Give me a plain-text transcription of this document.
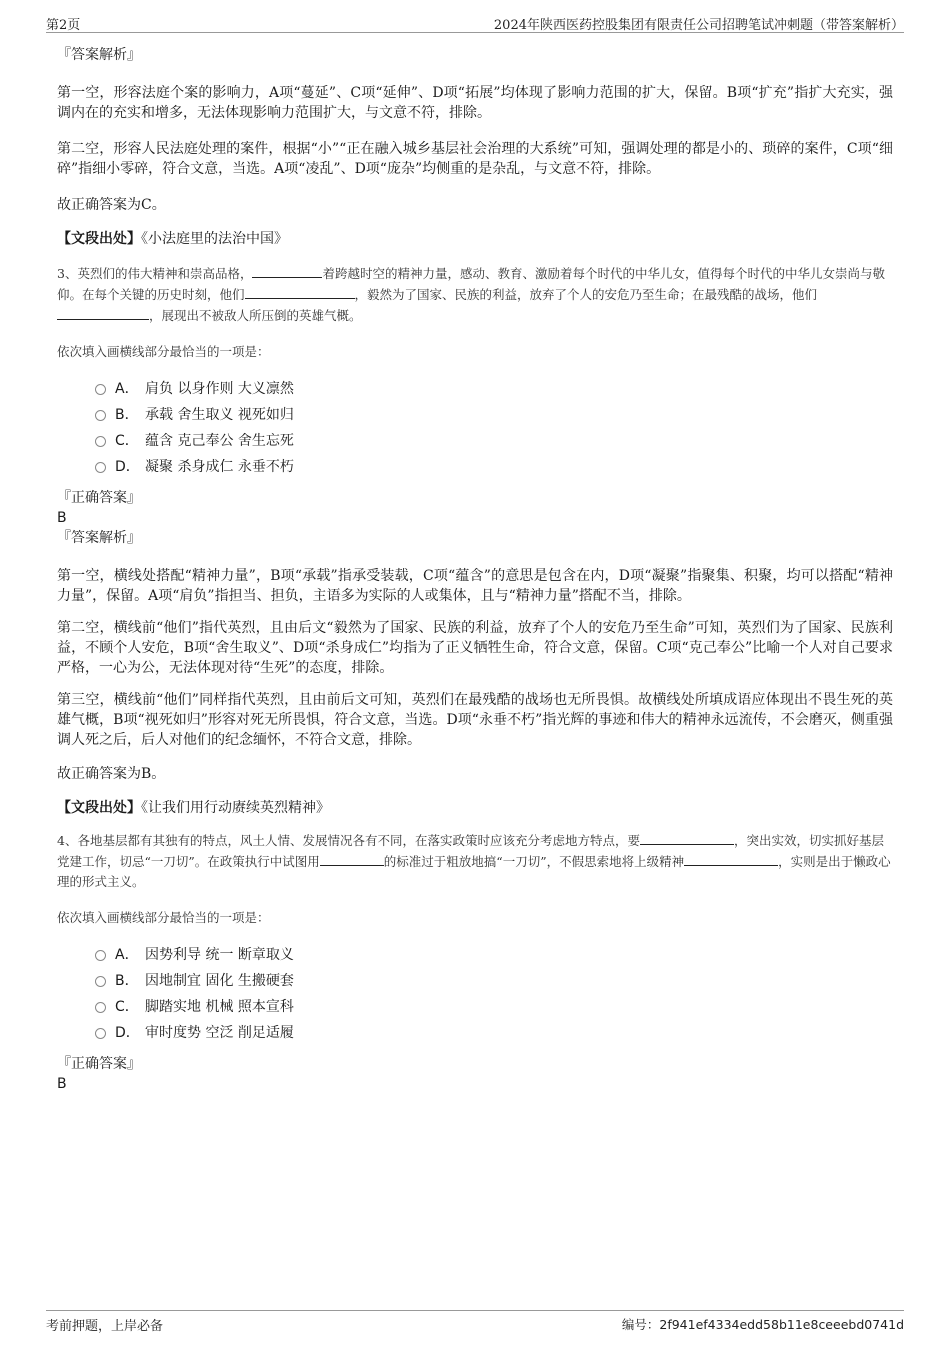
第2页	2024年陕西医药控股集团有限责任公司招聘笔试冲刺题（带答案解析）
『答案解析』
第一空，形容法庭个案的影响力，A项“蔓延”、C项“延伸”、D项“拓展”均体现了影响力范围的扩大，保留。B项“扩充”指扩大充实，强调内在的充实和增多，无法体现影响力范围扩大，与文意不符，排除。
第二空，形容人民法庭处理的案件，根据“小”“正在融入城乡基层社会治理的大系统”可知，强调处理的都是小的、琐碎的案件，C项“细碎”指细小零碎，符合文意，当选。A项“凌乱”、D项“庞杂”均侧重的是杂乱，与文意不符，排除。
故正确答案为C。
【文段出处】《小法庭里的法治中国》
3、英烈们的伟大精神和崇高品格，	着跨越时空的精神力量，感动、教育、激励着每个时代的中华儿女，值得每个时代的中华儿女崇尚与敬仰。在每个关键的历史时刻，他们	，毅然为了国家、民族的利益，放弃了个人的安危乃至生命；在最残酷的战场，他们，展现出不被敌人所压倒的英雄气概。
依次填入画横线部分最恰当的一项是：
A． 肩负 以身作则 大义凛然
B． 承载 舍生取义 视死如归
C． 蕴含 克己奉公 舍生忘死
D． 凝聚 杀身成仁 永垂不朽
『正确答案』
B
『答案解析』
第一空，横线处搭配“精神力量”，B项“承载”指承受装载，C项“蕴含”的意思是包含在内，D项“凝聚”指聚集、积聚，均可以搭配“精神力量”，保留。A项“肩负”指担当、担负，主语多为实际的人或集体，且与“精神力量”搭配不当，排除。
第二空，横线前“他们”指代英烈，且由后文“毅然为了国家、民族的利益，放弃了个人的安危乃至生命”可知，英烈们为了国家、民族利益，不顾个人安危，B项“舍生取义”、D项“杀身成仁”均指为了正义牺牲生命，符合文意，保留。C项“克己奉公”比喻一个人对自己要求严格，一心为公，无法体现对待“生死”的态度，排除。
第三空，横线前“他们”同样指代英烈，且由前后文可知，英烈们在最残酷的战场也无所畏惧。故横线处所填成语应体现出不畏生死的英雄气概，B项“视死如归”形容对死无所畏惧，符合文意，当选。D项“永垂不朽”指光辉的事迹和伟大的精神永远流传，不会磨灭，侧重强调人死之后，后人对他们的纪念缅怀，不符合文意，排除。
故正确答案为B。
【文段出处】《让我们用行动赓续英烈精神》
4、各地基层都有其独有的特点，风土人情、发展情况各有不同，在落实政策时应该充分考虑地方特点，要	，突出实效，切实抓好基层党建工作，切忌“一刀切”。在政策执行中试图用	的标准过于粗放地搞“一刀切”，不假思索地将上级精神	，实则是出于懒政心理的形式主义。
依次填入画横线部分最恰当的一项是：
A． 因势利导 统一 断章取义
B． 因地制宜 固化 生搬硬套
C． 脚踏实地 机械 照本宣科
D． 审时度势 空泛 削足适履
『正确答案』
B
考前押题，上岸必备	编号：2f941ef4334edd58b11e8ceeebd0741d
